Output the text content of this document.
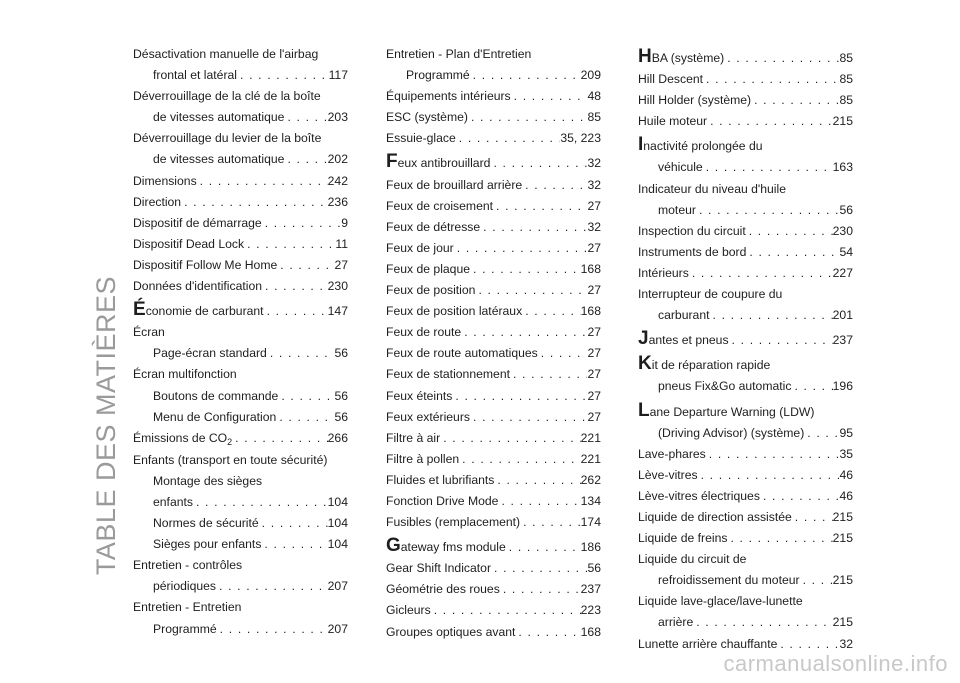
TABLE DES MATIÈRES
Désactivation manuelle de l'airbag
frontal et latéral . . .	117
Déverrouillage de la clé de la boîte
de vitesses automatique . . .	203
Déverrouillage du levier de la boîte
de vitesses automatique . . .	202
Dimensions . . .	242
Direction . . .	236
Dispositif de démarrage . . .	9
Dispositif Dead Lock . . .	11
Dispositif Follow Me Home . . .	27
Données d'identification . . .	230
Économie de carburant . . .	147
Écran
Page-écran standard . . .	56
Écran multifonction
Boutons de commande . . .	56
Menu de Configuration . . .	56
Émissions de $CO_2$ . . .	266
Enfants (transport en toute sécurité)
Montage des sièges
enfants . . .	104
Normes de sécurité . . .	104
Sièges pour enfants . . .	104
Entretien - contrôles
périodiques . . .	207
Entretien - Entretien
Programmé . . .	207
Entretien - Plan d'Entretien
Programmé . . .	209
Équipements intérieurs . . .	48
ESC (système) . . .	85
Essuie-glace . . .	35, 223
Feux antibrouillard . . .	32
Feux de brouillard arrière . . .	32
Feux de croisement . . .	27
Feux de détresse . . .	32
Feux de jour . . .	27
Feux de plaque . . .	168
Feux de position . . .	27
Feux de position latéraux . . .	168
Feux de route . . .	27
Feux de route automatiques . . .	27
Feux de stationnement . . .	27
Feux éteints . . .	27
Feux extérieurs . . .	27
Filtre à air . . .	221
Filtre à pollen . . .	221
Fluides et lubrifiants . . .	262
Fonction Drive Mode . . .	134
Fusibles (remplacement) . . .	174
Gateway fms module . . .	186
Gear Shift Indicator . . .	56
Géométrie des roues . . .	237
Gicleurs . . .	223
Groupes optiques avant . . .	168
HBA (système) . . .	85
Hill Descent . . .	85
Hill Holder (système) . . .	85
Huile moteur . . .	215
Inactivité prolongée du
véhicule . . .	163
Indicateur du niveau d'huile
moteur . . .	56
Inspection du circuit . . .	230
Instruments de bord . . .	54
Intérieurs . . .	227
Interrupteur de coupure du
carburant . . .	201
Jantes et pneus . . .	237
Kit de réparation rapide
pneus Fix&Go automatic . . .	196
Lane Departure Warning (LDW)
(Driving Advisor) (système) . . .	95
Lave-phares . . .	35
Lève-vitres . . .	46
Lève-vitres électriques . . .	46
Liquide de direction assistée . . .	215
Liquide de freins . . .	215
Liquide du circuit de
refroidissement du moteur . . .	215
Liquide lave-glace/lave-lunette
arrière . . .	215
Lunette arrière chauffante . . .	32
carmanualsonline.info
